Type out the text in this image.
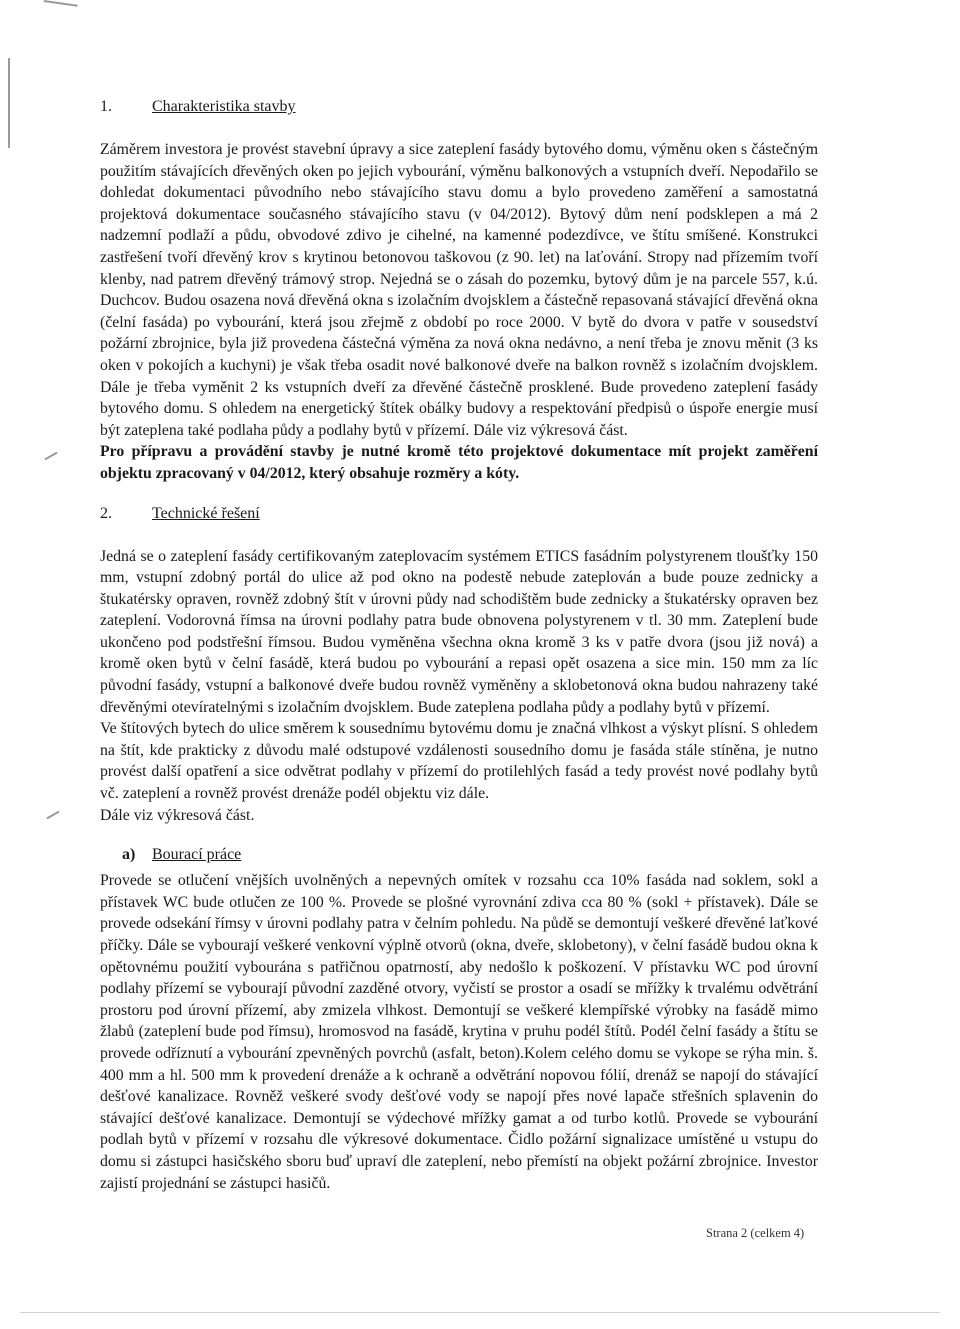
1.	Charakteristika stavby

Záměrem investora je provést stavební úpravy a sice zateplení fasády bytového domu, výměnu oken s částečným použitím stávajících dřevěných oken po jejich vybourání, výměnu balkonových a vstupních dveří. Nepodařilo se dohledat dokumentaci původního nebo stávajícího stavu domu a bylo provedeno zaměření a samostatná projektová dokumentace současného stávajícího stavu (v 04/2012). Bytový dům není podsklepen a má 2 nadzemní podlaží a půdu, obvodové zdivo je cihelné, na kamenné podezdívce, ve štítu smíšené. Konstrukci zastřešení tvoří dřevěný krov s krytinou betonovou taškovou (z 90. let) na laťování. Stropy nad přízemím tvoří klenby, nad patrem dřevěný trámový strop. Nejedná se o zásah do pozemku, bytový dům je na parcele 557, k.ú. Duchcov. Budou osazena nová dřevěná okna s izolačním dvojsklem a částečně repasovaná stávající dřevěná okna (čelní fasáda) po vybourání, která jsou zřejmě z období po roce 2000. V bytě do dvora v patře v sousedství požární zbrojnice, byla již provedena částečná výměna za nová okna nedávno, a není třeba je znovu měnit (3 ks oken v pokojích a kuchyni) je však třeba osadit nové balkonové dveře na balkon rovněž s izolačním dvojsklem. Dále je třeba vyměnit 2 ks vstupních dveří za dřevěné částečně prosklené. Bude provedeno zateplení fasády bytového domu. S ohledem na energetický štítek obálky budovy a respektování předpisů o úspoře energie musí být zateplena také podlaha půdy a podlahy bytů v přízemí. Dále viz výkresová část.

Pro přípravu a provádění stavby je nutné kromě této projektové dokumentace mít projekt zaměření objektu zpracovaný v 04/2012, který obsahuje rozměry a kóty.

2.	Technické řešení

Jedná se o zateplení fasády certifikovaným zateplovacím systémem ETICS fasádním polystyrenem tloušťky 150 mm, vstupní zdobný portál do ulice až pod okno na podestě nebude zateplován a bude pouze zednicky a štukatérsky opraven, rovněž zdobný štít v úrovni půdy nad schodištěm bude zednicky a štukatérsky opraven bez zateplení. Vodorovná římsa na úrovni podlahy patra bude obnovena polystyrenem v tl. 30 mm. Zateplení bude ukončeno pod podstřešní římsou. Budou vyměněna všechna okna kromě 3 ks v patře dvora (jsou již nová) a kromě oken bytů v čelní fasádě, která budou po vybourání a repasi opět osazena a sice min. 150 mm za líc původní fasády, vstupní a balkonové dveře budou rovněž vyměněny a sklobetonová okna budou nahrazeny také dřevěnými otevíratelnými s izolačním dvojsklem. Bude zateplena podlaha půdy a podlahy bytů v přízemí.

Ve štítových bytech do ulice směrem k sousednímu bytovému domu je značná vlhkost a výskyt plísní. S ohledem na štít, kde prakticky z důvodu malé odstupové vzdálenosti sousedního domu je fasáda stále stíněna, je nutno provést další opatření a sice odvětrat podlahy v přízemí do protilehlých fasád a tedy provést nové podlahy bytů vč. zateplení a rovněž provést drenáže podél objektu viz dále.

Dále viz výkresová část.

a) Bourací práce

Provede se otlučení vnějších uvolněných a nepevných omítek v rozsahu cca 10% fasáda nad soklem, sokl a přístavek WC bude otlučen ze 100 %. Provede se plošné vyrovnání zdiva cca 80 % (sokl + přístavek). Dále se provede odsekání římsy v úrovni podlahy patra v čelním pohledu. Na půdě se demontují veškeré dřevěné laťkové příčky. Dále se vybourají veškeré venkovní výplně otvorů (okna, dveře, sklobetony), v čelní fasádě budou okna k opětovnému použití vybourána s patřičnou opatrností, aby nedošlo k poškození. V přístavku WC pod úrovní podlahy přízemí se vybourají původní zazděné otvory, vyčistí se prostor a osadí se mřížky k trvalému odvětrání prostoru pod úrovní přízemí, aby zmizela vlhkost. Demontují se veškeré klempířské výrobky na fasádě mimo žlabů (zateplení bude pod římsu), hromosvod na fasádě, krytina v pruhu podél štítů. Podél čelní fasády a štítu se provede odříznutí a vybourání zpevněných povrchů (asfalt, beton).Kolem celého domu se vykope se rýha min. š. 400 mm a hl. 500 mm k provedení drenáže a k ochraně a odvětrání nopovou fólií, drenáž se napojí do stávající dešťové kanalizace. Rovněž veškeré svody dešťové vody se napojí přes nové lapače střešních splavenin do stávající dešťové kanalizace. Demontují se výdechové mřížky gamat a od turbo kotlů. Provede se vybourání podlah bytů v přízemí v rozsahu dle výkresové dokumentace. Čidlo požární signalizace umístěné u vstupu do domu si zástupci hasičského sboru buď upraví dle zateplení, nebo přemístí na objekt požární zbrojnice. Investor zajistí projednání se zástupci hasičů.

Strana 2 (celkem 4)
